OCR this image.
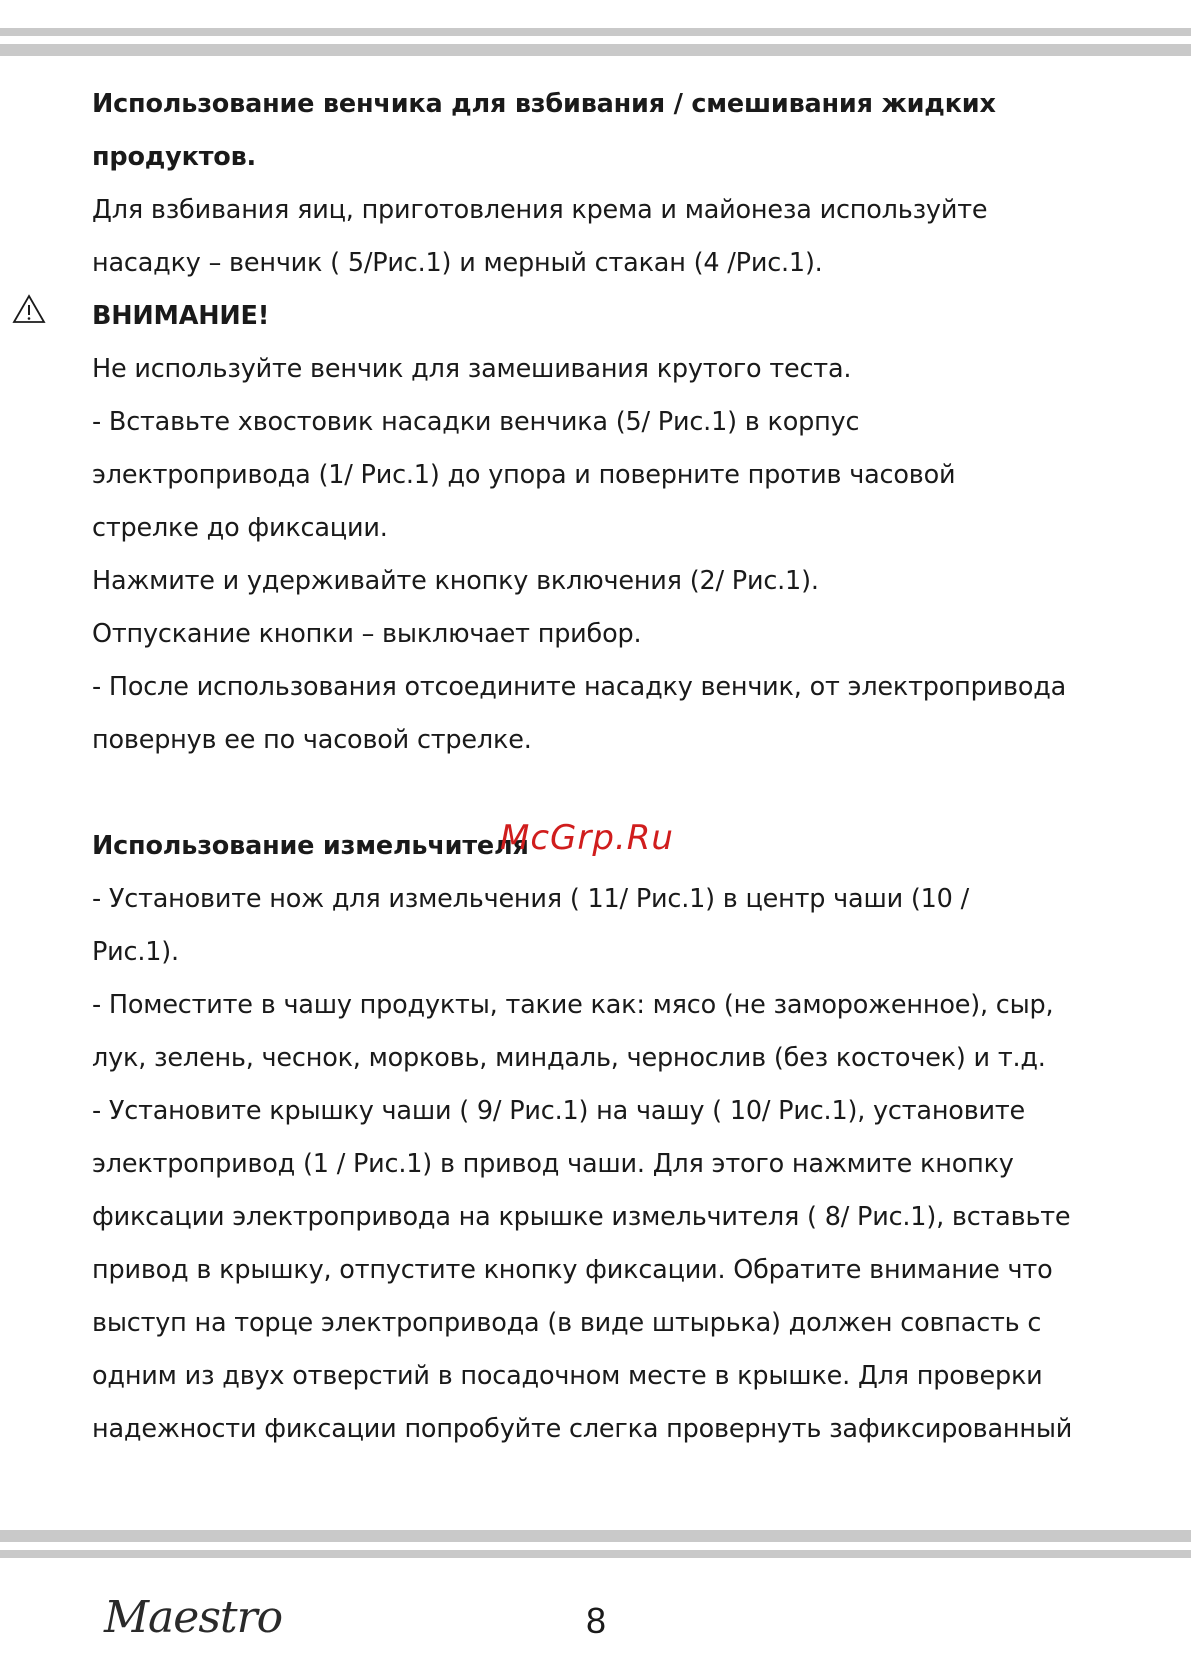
Использование венчика для взбивания / смешивания жидких
продуктов.
Для взбивания яиц, приготовления крема и майонеза используйте
насадку – венчик ( 5/Рис.1) и мерный стакан (4 /Рис.1).
ВНИМАНИЕ!
Не используйте венчик для замешивания крутого теста.
- Вставьте хвостовик насадки венчика (5/ Рис.1) в корпус
электропривода (1/ Рис.1) до упора и поверните против часовой
стрелке до фиксации.
Нажмите и удерживайте кнопку включения (2/ Рис.1).
Отпускание кнопки – выключает прибор.
- После использования отсоедините насадку венчик, от электропривода
повернув ее по часовой стрелке.
Использование измельчителя
- Установите нож для измельчения ( 11/ Рис.1) в центр чаши (10 /
Рис.1).
- Поместите в чашу продукты, такие как: мясо (не замороженное), сыр,
лук, зелень, чеснок, морковь, миндаль, чернослив (без косточек) и т.д.
- Установите крышку чаши ( 9/ Рис.1) на чашу ( 10/ Рис.1), установите
электропривод (1 / Рис.1) в привод чаши. Для этого нажмите кнопку
фиксации электропривода на крышке измельчителя ( 8/ Рис.1), вставьте
привод в крышку, отпустите кнопку фиксации. Обратите внимание что
выступ на торце электропривода (в виде штырька) должен совпасть с
одним из двух отверстий в посадочном месте в крышке. Для проверки
надежности фиксации попробуйте слегка провернуть зафиксированный
McGrp.Ru
Maestro	8
